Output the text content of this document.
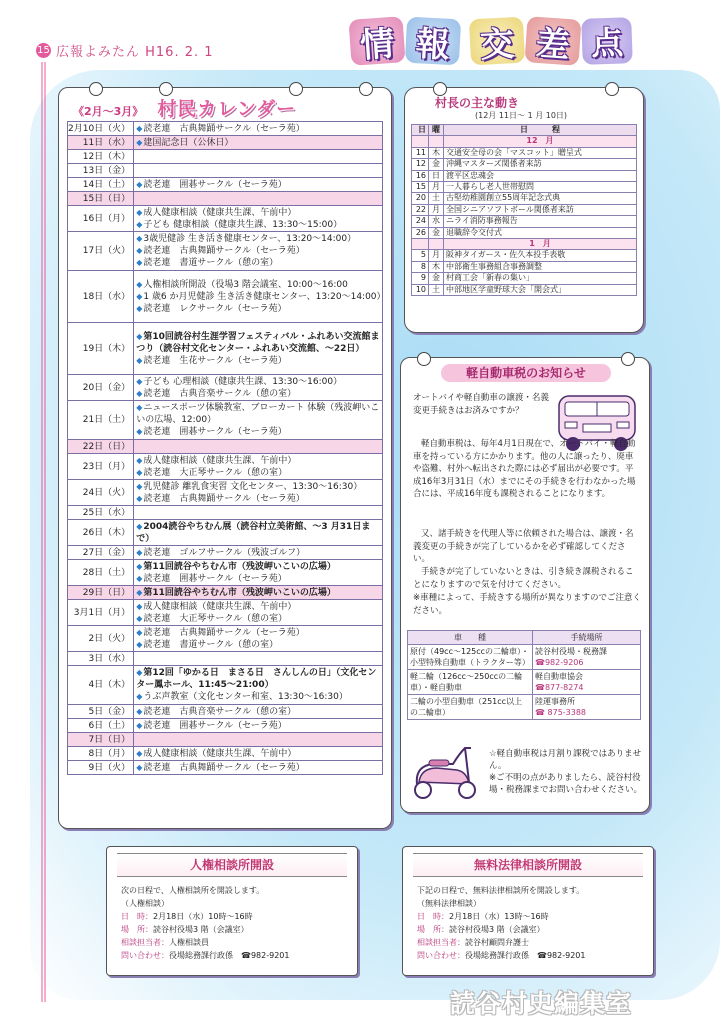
15 広報よみたん H16. 2. 1	情 報 交 差 点
《2月〜3月》 村民カレンダー
2月10日（火）	◆ 読老連　古典舞踊サークル（セーラ苑）

11日（水）	◆ 建国記念日（公休日）

12日（木）	
13日（金）	
14日（土）	◆ 読老連　囲碁サークル（セーラ苑）

15日（日）	
16日（月）	◆ 成人健康相談（健康共生課、午前中）
◆ 子ども 健康相談（健康共生課、13:30〜15:00）

17日（火）	◆ 3歳児健診 生き活き健康センター、13:20〜14:00）
◆ 読老連　古典舞踊サークル（セーラ苑）
◆ 読老連　書道サークル（憩の室）

18日（水）	◆ 人権相談所開設（役場3 階会議室、10:00〜16:00
◆ 1 歳6 か月児健診 生き活き健康センター、13:20〜14:00）
◆ 読老連　レクサークル（セーラ苑）

19日（木）	◆ 第10回読谷村生涯学習フェスティバル・ふれあい交流館まつり（読谷村文化センター・ふれあい交流館、〜22日）
◆ 読老連　生花サークル（セーラ苑）

20日（金）	◆ 子ども 心理相談（健康共生課、13:30〜16:00）
◆ 読老連　古典音楽サークル（憩の室）

21日（土）	◆ ニュースポーツ体験教室、ブローカート 体験（残波岬いこいの広場、12:00）
◆ 読老連　囲碁サークル（セーラ苑）

22日（日）	
23日（月）	◆ 成人健康相談（健康共生課、午前中）
◆ 読老連　大正琴サークル（憩の室）

24日（火）	◆ 乳児健診 離乳食実習 文化センター、13:30〜16:30）
◆ 読老連　古典舞踊サークル（セーラ苑）

25日（水）	
26日（木）	◆ 2004読谷やちむん展（読谷村立美術館、〜3 月31日まで）

27日（金）	◆ 読老連　ゴルフサークル（残波ゴルフ）

28日（土）	◆ 第11回読谷やちむん市（残波岬いこいの広場）
◆ 読老連　囲碁サークル（セーラ苑）

29日（日）	◆ 第11回読谷やちむん市（残波岬いこいの広場）

3月1日（月）	◆ 成人健康相談（健康共生課、午前中）
◆ 読老連　大正琴サークル（憩の室）

2日（火）	◆ 読老連　古典舞踊サークル（セーラ苑）
◆ 読老連　書道サークル（憩の室）

3日（水）	
4日（木）	◆ 第12回「ゆかる日　まさる日　さんしんの日」（文化センター鳳ホール、11:45〜21:00）
◆ うぶ声教室（文化センター和室、13:30〜16:30）

5日（金）	◆ 読老連　古典音楽サークル（憩の室）

6日（土）	◆ 読老連　囲碁サークル（セーラ苑）

7日（日）	
8日（月）	◆ 成人健康相談（健康共生課、午前中）

9日（火）	◆ 読老連　古典舞踊サークル（セーラ苑）
村長の主な動き
(12月 11日〜 1 月 10日)
日	曜	日　　　程
		12　月
11	木	交通安全母の会「マスコット」贈呈式
12	金	沖縄マスターズ関係者来訪
16	日	渡平区忠魂会
15	月	一人暮らし老人世帯慰問
20	土	古堅幼稚園創立55周年記念式典
22	月	全国シニアソフトボール関係者来訪
24	水	ニライ消防事務報告
26	金	退職辞令交付式
		1　月
5	月	阪神タイガース・佐久本投手表敬
8	木	中部衛生事務組合事務調整
9	金	村商工会「新春の集い」
10	土	中部地区学童野球大会「開会式」
軽自動車税のお知らせ

オートバイや軽自動車の譲渡・名義変更手続きはお済みですか？

軽自動車税は、毎年4月1日現在で、オートバイ・軽自動車を持っている方にかかります。他の人に譲ったり、廃車や盗難、村外へ転出された際には必ず届出が必要です。平成16年3月31日（水）までにその手続きを行わなかった場合には、平成16年度も課税されることになります。

又、諸手続きを代理人等に依頼された場合は、譲渡・名義変更の手続きが完了しているかを必ず確認してください。

手続きが完了していないときは、引き続き課税されることになりますので気を付けてください。

※車種によって、手続きする場所が異なりますのでご注意ください。

車　　種	手続場所
原付（49cc〜125ccの二輪車）・小型特殊自動車（トラクター等）	読谷村役場・税務課
☎982-9206

軽二輪（126cc〜250ccの二輪車）・軽自動車	軽自動車協会
☎877-8274

二輪の小型自動車（251cc以上の二輪車）	陸運事務所
☎ 875-3388
☆軽自動車税は月割り課税ではありません。
※ご不明の点がありましたら、読谷村役場・税務課までお問い合わせください。
人権相談所開設
次の日程で、人権相談所を開設します。
（人権相談）
日　時：2月18日（水）10時〜16時
場　所：読谷村役場3 階（会議室）
相談担当者：人権相談員
問い合わせ：役場総務課行政係　☎982-9201
無料法律相談所開設
下記の日程で、無料法律相談所を開設します。
（無料法律相談）
日　時：2月18日（水）13時〜16時
場　所：読谷村役場3 階（会議室）
相談担当者：読谷村顧問弁護士
問い合わせ：役場総務課行政係　☎982-9201
読谷村史編集室
